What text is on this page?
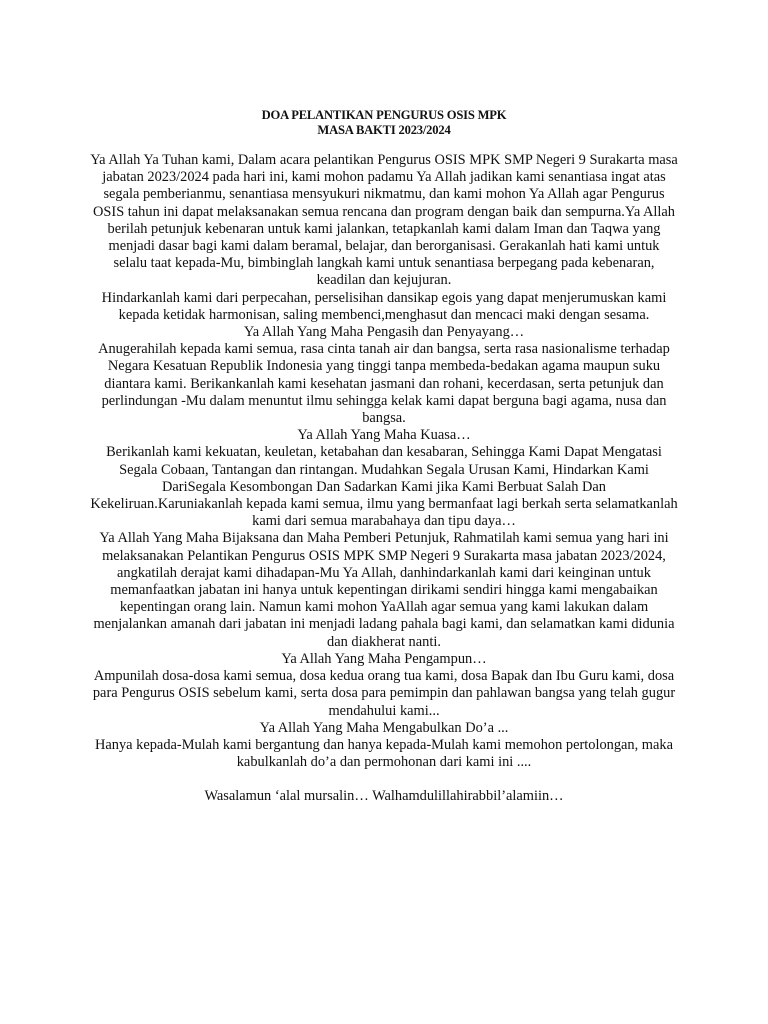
DOA PELANTIKAN PENGURUS OSIS MPK

MASA BAKTI 2023/2024

Ya Allah Ya Tuhan kami, Dalam acara pelantikan Pengurus OSIS MPK SMP Negeri 9 Surakarta masa jabatan 2023/2024 pada hari ini, kami mohon padamu Ya Allah jadikan kami senantiasa ingat atas segala pemberianmu, senantiasa mensyukuri nikmatmu, dan kami mohon Ya Allah agar Pengurus OSIS tahun ini dapat melaksanakan semua rencana dan program dengan baik dan sempurna.Ya Allah berilah petunjuk kebenaran untuk kami jalankan, tetapkanlah kami dalam Iman dan Taqwa yang menjadi dasar bagi kami dalam beramal, belajar, dan berorganisasi. Gerakanlah hati kami untuk selalu taat kepada-Mu, bimbinglah langkah kami untuk senantiasa berpegang pada kebenaran, keadilan dan kejujuran.

Hindarkanlah kami dari perpecahan, perselisihan dansikap egois yang dapat menjerumuskan kami kepada ketidak harmonisan, saling membenci,menghasut dan mencaci maki dengan sesama.

Ya Allah Yang Maha Pengasih dan Penyayang…

Anugerahilah kepada kami semua, rasa cinta tanah air dan bangsa, serta rasa nasionalisme terhadap Negara Kesatuan Republik Indonesia yang tinggi tanpa membeda-bedakan agama maupun suku diantara kami. Berikankanlah kami kesehatan jasmani dan rohani, kecerdasan, serta petunjuk dan perlindungan -Mu dalam menuntut ilmu sehingga kelak kami dapat berguna bagi agama, nusa dan bangsa.

Ya Allah Yang Maha Kuasa…

Berikanlah kami kekuatan, keuletan, ketabahan dan kesabaran, Sehingga Kami Dapat Mengatasi Segala Cobaan, Tantangan dan rintangan. Mudahkan Segala Urusan Kami, Hindarkan Kami DariSegala Kesombongan Dan Sadarkan Kami jika Kami Berbuat Salah Dan Kekeliruan.Karuniakanlah kepada kami semua, ilmu yang bermanfaat lagi berkah serta selamatkanlah kami dari semua marabahaya dan tipu daya…

Ya Allah Yang Maha Bijaksana dan Maha Pemberi Petunjuk, Rahmatilah kami semua yang hari ini melaksanakan Pelantikan Pengurus OSIS MPK SMP Negeri 9 Surakarta masa jabatan 2023/2024, angkatilah derajat kami dihadapan-Mu Ya Allah, danhindarkanlah kami dari keinginan untuk memanfaatkan jabatan ini hanya untuk kepentingan dirikami sendiri hingga kami mengabaikan kepentingan orang lain. Namun kami mohon YaAllah agar semua yang kami lakukan dalam menjalankan amanah dari jabatan ini menjadi ladang pahala bagi kami, dan selamatkan kami didunia dan diakherat nanti.

Ya Allah Yang Maha Pengampun…

Ampunilah dosa-dosa kami semua, dosa kedua orang tua kami, dosa Bapak dan Ibu Guru kami, dosa para Pengurus OSIS sebelum kami, serta dosa para pemimpin dan pahlawan bangsa yang telah gugur mendahului kami...

Ya Allah Yang Maha Mengabulkan Do’a ...

Hanya kepada-Mulah kami bergantung dan hanya kepada-Mulah kami memohon pertolongan, maka kabulkanlah do’a dan permohonan dari kami ini ....

Wasalamun ‘alal mursalin… Walhamdulillahirabbil’alamiin…
